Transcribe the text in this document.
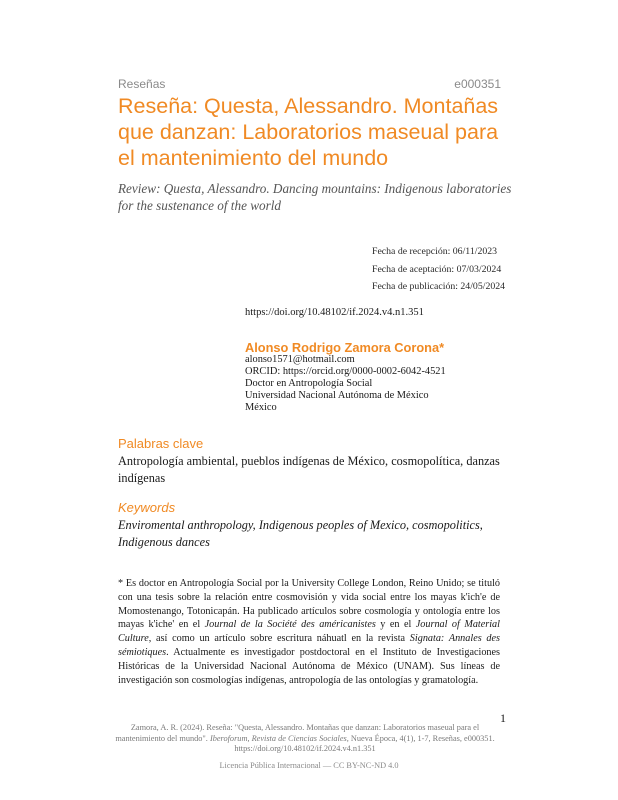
Reseñas	e000351
Reseña: Questa, Alessandro. Montañas que danzan: Laboratorios maseual para el mantenimiento del mundo
Review: Questa, Alessandro. Dancing mountains: Indigenous laboratories for the sustenance of the world
Fecha de recepción: 06/11/2023
Fecha de aceptación: 07/03/2024
Fecha de publicación: 24/05/2024
https://doi.org/10.48102/if.2024.v4.n1.351
Alonso Rodrigo Zamora Corona*
alonso1571@hotmail.com
ORCID: https://orcid.org/0000-0002-6042-4521
Doctor en Antropología Social
Universidad Nacional Autónoma de México
México
Palabras clave
Antropología ambiental, pueblos indígenas de México, cosmopolítica, danzas indígenas
Keywords
Enviromental anthropology, Indigenous peoples of Mexico, cosmopolitics, Indigenous dances
* Es doctor en Antropología Social por la University College London, Reino Unido; se tituló con una tesis sobre la relación entre cosmovisión y vida social entre los mayas k'ich'e de Momostenango, Totonicapán. Ha publicado artículos sobre cosmología y ontología entre los mayas k'iche' en el Journal de la Société des américanistes y en el Journal of Material Culture, así como un artículo sobre escritura náhuatl en la revista Signata: Annales des sémiotiques. Actualmente es investigador postdoctoral en el Instituto de Investigaciones Históricas de la Universidad Nacional Autónoma de México (UNAM). Sus líneas de investigación son cosmologías indígenas, antropología de las ontologías y gramatología.
1
Zamora, A. R. (2024). Reseña: "Questa, Alessandro. Montañas que danzan: Laboratorios maseual para el mantenimiento del mundo". Iberoforum, Revista de Ciencias Sociales, Nueva Época, 4(1), 1-7, Reseñas, e000351. https://doi.org/10.48102/if.2024.v4.n1.351
Licencia Pública Internacional — CC BY-NC-ND 4.0
